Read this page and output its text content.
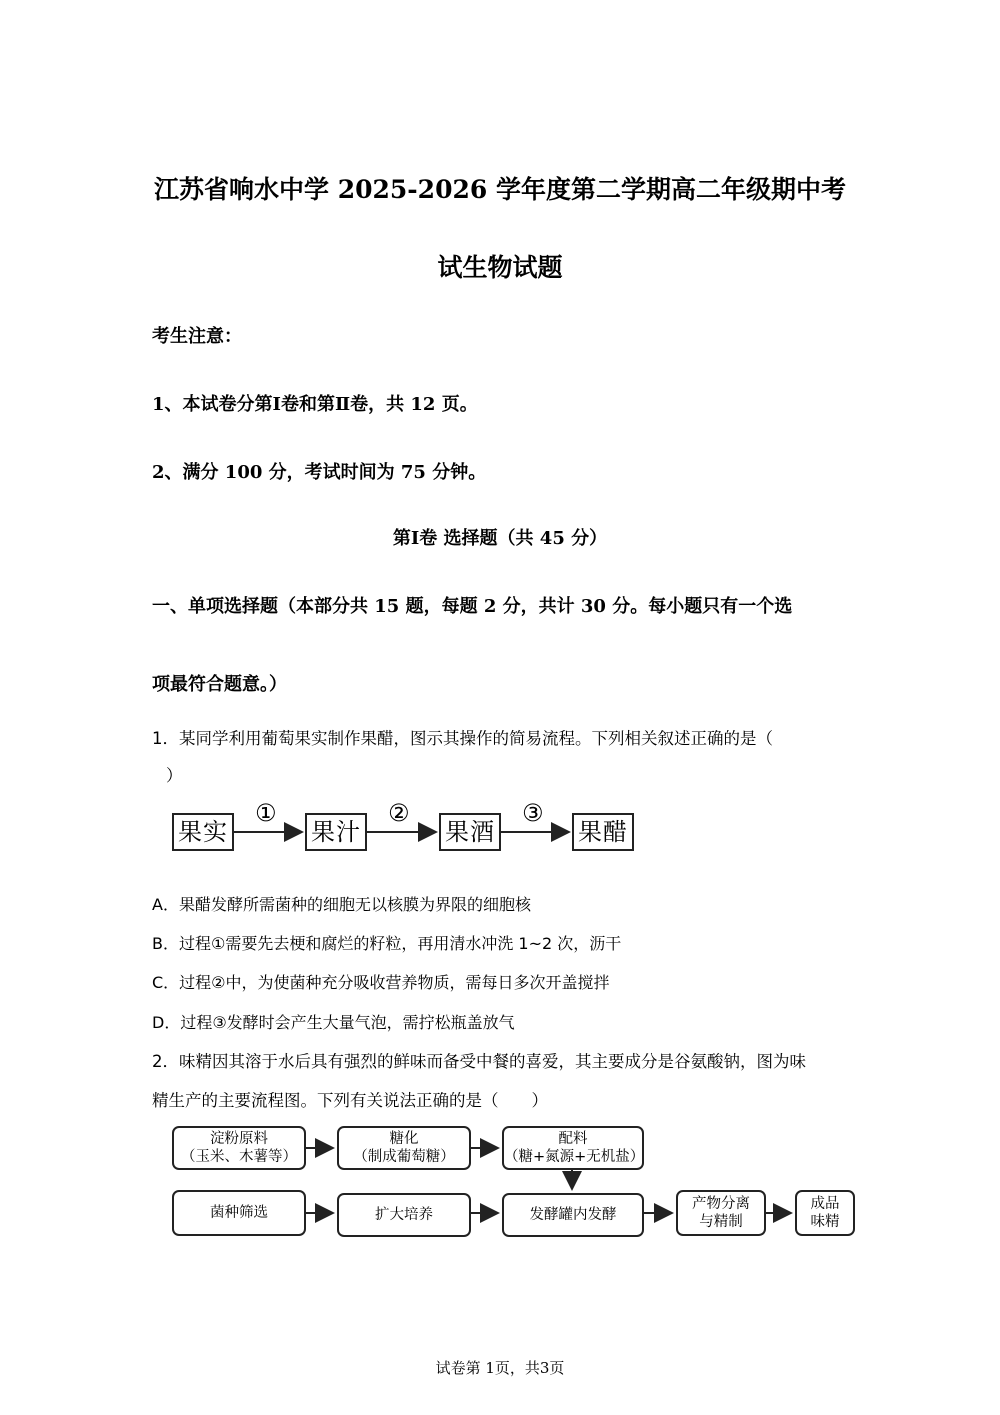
江苏省响水中学 2025-2026 学年度第二学期高二年级期中考
试生物试题
考生注意：
1、本试卷分第Ⅰ卷和第Ⅱ卷，共 12 页。
2、满分 100 分，考试时间为 75 分钟。
第Ⅰ卷 选择题（共 45 分）
一、单项选择题（本部分共 15 题，每题 2 分，共计 30 分。每小题只有一个选
项最符合题意。）
1．某同学利用葡萄果实制作果醋，图示其操作的简易流程。下列相关叙述正确的是（
）
果实	果汁	果酒	果醋
①	②	③
A．果醋发酵所需菌种的细胞无以核膜为界限的细胞核
B．过程①需要先去梗和腐烂的籽粒，再用清水冲洗 1~2 次，沥干
C．过程②中，为使菌种充分吸收营养物质，需每日多次开盖搅拌
D．过程③发酵时会产生大量气泡，需拧松瓶盖放气
2．味精因其溶于水后具有强烈的鲜味而备受中餐的喜爱，其主要成分是谷氨酸钠，图为味
精生产的主要流程图。下列有关说法正确的是（　　）
淀粉原料
（玉米、木薯等）
糖化
（制成葡萄糖）
配料
（糖+氮源+无机盐）
菌种筛选	扩大培养	发酵罐内发酵
产物分离
与精制
成品
味精
试卷第 1页，共3页
